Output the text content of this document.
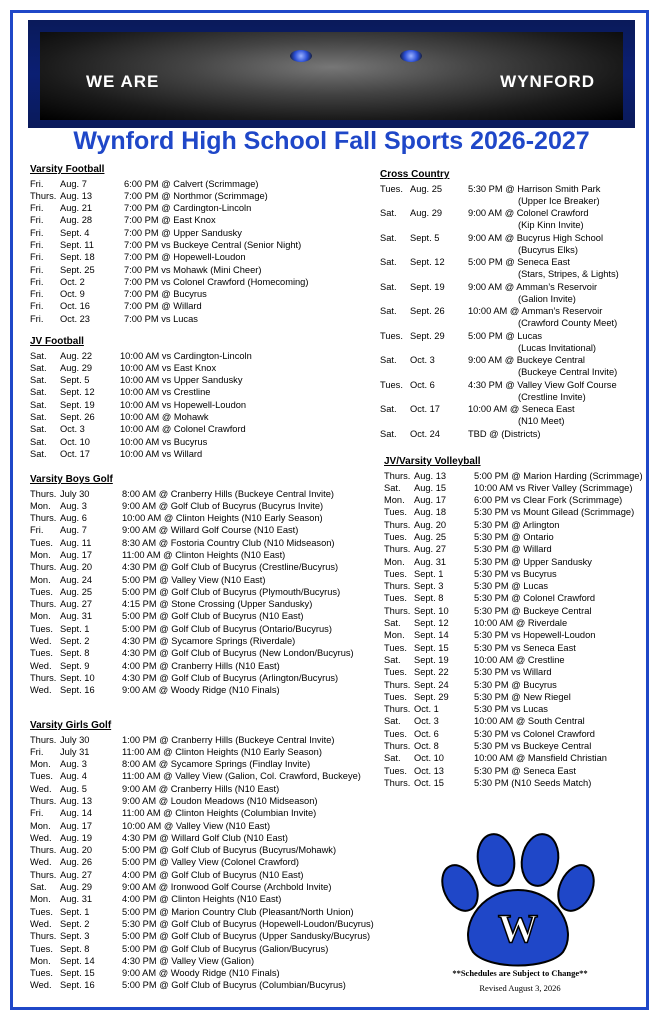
WE ARE	WYNFORD
Wynford High School Fall Sports 2026-2027
Varsity Football
Fri. Aug. 7	6:00 PM @ Calvert (Scrimmage)
Thurs. Aug. 13	7:00 PM @ Northmor (Scrimmage)
Fri. Aug. 21	7:00 PM @ Cardington-Lincoln
Fri. Aug. 28	7:00 PM @ East Knox
Fri. Sept. 4	7:00 PM @ Upper Sandusky
Fri. Sept. 11	7:00 PM vs Buckeye Central (Senior Night)
Fri. Sept. 18	7:00 PM @ Hopewell-Loudon
Fri. Sept. 25	7:00 PM vs Mohawk (Mini Cheer)
Fri. Oct. 2	7:00 PM vs Colonel Crawford (Homecoming)
Fri. Oct. 9	7:00 PM @ Bucyrus
Fri. Oct. 16	7:00 PM @ Willard
Fri. Oct. 23	7:00 PM vs Lucas
JV Football
Sat. Aug. 22	10:00 AM vs Cardington-Lincoln
Sat. Aug. 29	10:00 AM vs East Knox
Sat. Sept. 5	10:00 AM vs Upper Sandusky
Sat. Sept. 12	10:00 AM vs Crestline
Sat. Sept. 19	10:00 AM vs Hopewell-Loudon
Sat. Sept. 26	10:00 AM @ Mohawk
Sat. Oct. 3	10:00 AM @ Colonel Crawford
Sat. Oct. 10	10:00 AM vs Bucyrus
Sat. Oct. 17	10:00 AM vs Willard
Varsity Boys Golf
Thurs. July 30	8:00 AM @ Cranberry Hills (Buckeye Central Invite)
Mon. Aug. 3	9:00 AM @ Golf Club of Bucyrus (Bucyrus Invite)
Thurs. Aug. 6	10:00 AM @ Clinton Heights (N10 Early Season)
Fri. Aug. 7	9:00 AM @ Willard Golf Course (N10 East)
Tues. Aug. 11	8:30 AM @ Fostoria Country Club (N10 Midseason)
Mon. Aug. 17	11:00 AM @ Clinton Heights (N10 East)
Thurs. Aug. 20	4:30 PM @ Golf Club of Bucyrus (Crestline/Bucyrus)
Mon. Aug. 24	5:00 PM @ Valley View (N10 East)
Tues. Aug. 25	5:00 PM @ Golf Club of Bucyrus (Plymouth/Bucyrus)
Thurs. Aug. 27	4:15 PM @ Stone Crossing (Upper Sandusky)
Mon. Aug. 31	5:00 PM @ Golf Club of Bucyrus (N10 East)
Tues. Sept. 1	5:00 PM @ Golf Club of Bucyrus (Ontario/Bucyrus)
Wed. Sept. 2	4:30 PM @ Sycamore Springs (Riverdale)
Tues. Sept. 8	4:30 PM @ Golf Club of Bucyrus (New London/Bucyrus)
Wed. Sept. 9	4:00 PM @ Cranberry Hills (N10 East)
Thurs. Sept. 10	4:30 PM @ Golf Club of Bucyrus (Arlington/Bucyrus)
Wed. Sept. 16	9:00 AM @ Woody Ridge (N10 Finals)
Varsity Girls Golf
Thurs. July 30	1:00 PM @ Cranberry Hills (Buckeye Central Invite)
Fri. July 31	11:00 AM @ Clinton Heights (N10 Early Season)
Mon. Aug. 3	8:00 AM @ Sycamore Springs (Findlay Invite)
Tues. Aug. 4	11:00 AM @ Valley View (Galion, Col. Crawford, Buckeye)
Wed. Aug. 5	9:00 AM @ Cranberry Hills (N10 East)
Thurs. Aug. 13	9:00 AM @ Loudon Meadows (N10 Midseason)
Fri. Aug. 14	11:00 AM @ Clinton Heights (Columbian Invite)
Mon. Aug. 17	10:00 AM @ Valley View (N10 East)
Wed. Aug. 19	4:30 PM @ Willard Golf Club (N10 East)
Thurs. Aug. 20	5:00 PM @ Golf Club of Bucyrus (Bucyrus/Mohawk)
Wed. Aug. 26	5:00 PM @ Valley View (Colonel Crawford)
Thurs. Aug. 27	4:00 PM @ Golf Club of Bucyrus (N10 East)
Sat. Aug. 29	9:00 AM @ Ironwood Golf Course (Archbold Invite)
Mon. Aug. 31	4:00 PM @ Clinton Heights (N10 East)
Tues. Sept. 1	5:00 PM @ Marion Country Club (Pleasant/North Union)
Wed. Sept. 2	5:30 PM @ Golf Club of Bucyrus (Hopewell-Loudon/Bucyrus)
Thurs. Sept. 3	5:00 PM @ Golf Club of Bucyrus (Upper Sandusky/Bucyrus)
Tues. Sept. 8	5:00 PM @ Golf Club of Bucyrus (Galion/Bucyrus)
Mon. Sept. 14	4:30 PM @ Valley View (Galion)
Tues. Sept. 15	9:00 AM @ Woody Ridge (N10 Finals)
Wed. Sept. 16	5:00 PM @ Golf Club of Bucyrus (Columbian/Bucyrus)
Cross Country
Tues. Aug. 25	5:30 PM @ Harrison Smith Park
(Upper Ice Breaker)
Sat. Aug. 29	9:00 AM @ Colonel Crawford
(Kip Kinn Invite)
Sat. Sept. 5	9:00 AM @ Bucyrus High School
(Bucyrus Elks)
Sat. Sept. 12	5:00 PM @ Seneca East
(Stars, Stripes, & Lights)
Sat. Sept. 19	9:00 AM @ Amman’s Reservoir
(Galion Invite)
Sat. Sept. 26	10:00 AM @ Amman’s Reservoir
(Crawford County Meet)
Tues. Sept. 29	5:00 PM @ Lucas
(Lucas Invitational)
Sat. Oct. 3	9:00 AM @ Buckeye Central
(Buckeye Central Invite)
Tues. Oct. 6	4:30 PM @ Valley View Golf Course
(Crestline Invite)
Sat. Oct. 17	10:00 AM @ Seneca East
(N10 Meet)
Sat. Oct. 24	TBD @ (Districts)
JV/Varsity Volleyball
Thurs. Aug. 13	5:00 PM @ Marion Harding (Scrimmage)
Sat. Aug. 15	10:00 AM vs River Valley (Scrimmage)
Mon. Aug. 17	6:00 PM vs Clear Fork (Scrimmage)
Tues. Aug. 18	5:30 PM vs Mount Gilead (Scrimmage)
Thurs. Aug. 20	5:30 PM @ Arlington
Tues. Aug. 25	5:30 PM @ Ontario
Thurs. Aug. 27	5:30 PM @ Willard
Mon. Aug. 31	5:30 PM @ Upper Sandusky
Tues. Sept. 1	5:30 PM vs Bucyrus
Thurs. Sept. 3	5:30 PM @ Lucas
Tues. Sept. 8	5:30 PM @ Colonel Crawford
Thurs. Sept. 10	5:30 PM @ Buckeye Central
Sat. Sept. 12	10:00 AM @ Riverdale
Mon. Sept. 14	5:30 PM vs Hopewell-Loudon
Tues. Sept. 15	5:30 PM vs Seneca East
Sat. Sept. 19	10:00 AM @ Crestline
Tues. Sept. 22	5:30 PM vs Willard
Thurs. Sept. 24	5:30 PM @ Bucyrus
Tues. Sept. 29	5:30 PM @ New Riegel
Thurs. Oct. 1	5:30 PM vs Lucas
Sat. Oct. 3	10:00 AM @ South Central
Tues. Oct. 6	5:30 PM vs Colonel Crawford
Thurs. Oct. 8	5:30 PM vs Buckeye Central
Sat. Oct. 10	10:00 AM @ Mansfield Christian
Tues. Oct. 13	5:30 PM @ Seneca East
Thurs. Oct. 15	5:30 PM (N10 Seeds Match)
W
**Schedules are Subject to Change**
Revised August 3, 2026
